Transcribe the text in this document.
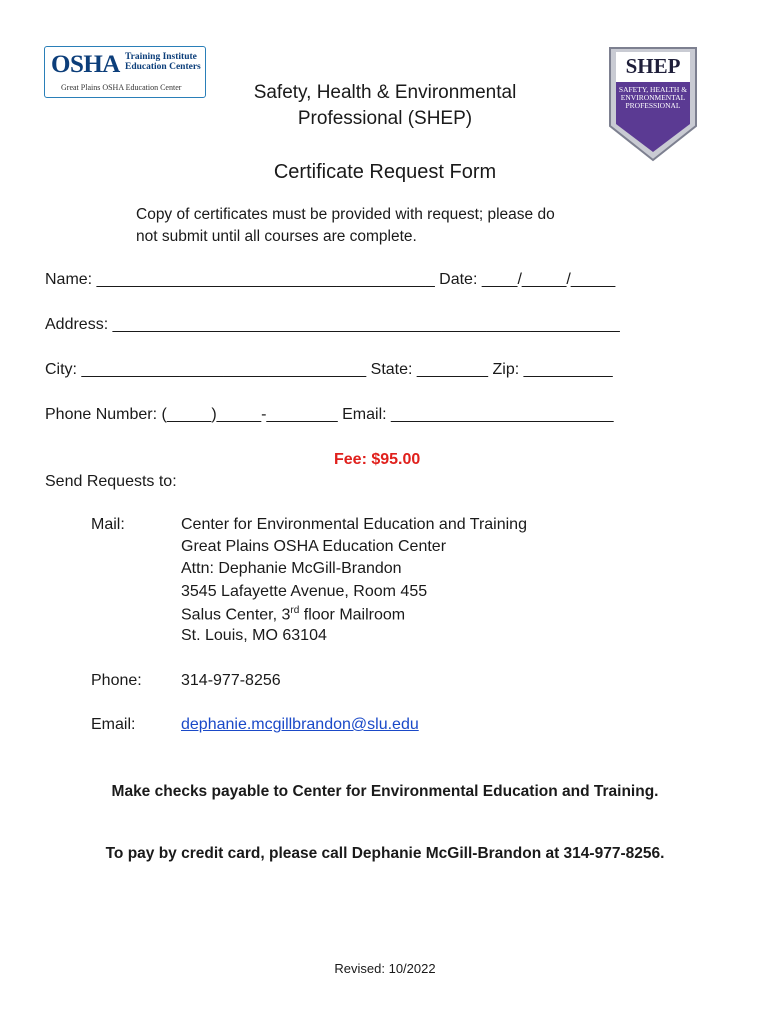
OSHA Training Institute
Education Centers
Great Plains OSHA Education Center
SHEP
SAFETY, HEALTH & ENVIRONMENTAL PROFESSIONAL
Safety, Health & Environmental
Professional (SHEP)
Certificate Request Form
Copy of certificates must be provided with request; please do
not submit until all courses are complete.
Name: ______________________________________ Date: ____/_____/_____
Address: _________________________________________________________
City: ________________________________ State: ________ Zip: __________
Phone Number: (_____)_____-________ Email: _________________________
Fee: $95.00
Send Requests to:
Mail:	Center for Environmental Education and Training
Great Plains OSHA Education Center
Attn: Dephanie McGill-Brandon
3545 Lafayette Avenue, Room 455
Salus Center, 3rd floor Mailroom
St. Louis, MO 63104
Phone: 314-977-8256
Email:	dephanie.mcgillbrandon@slu.edu
Make checks payable to Center for Environmental Education and Training.
To pay by credit card, please call Dephanie McGill-Brandon at 314-977-8256.
Revised: 10/2022
